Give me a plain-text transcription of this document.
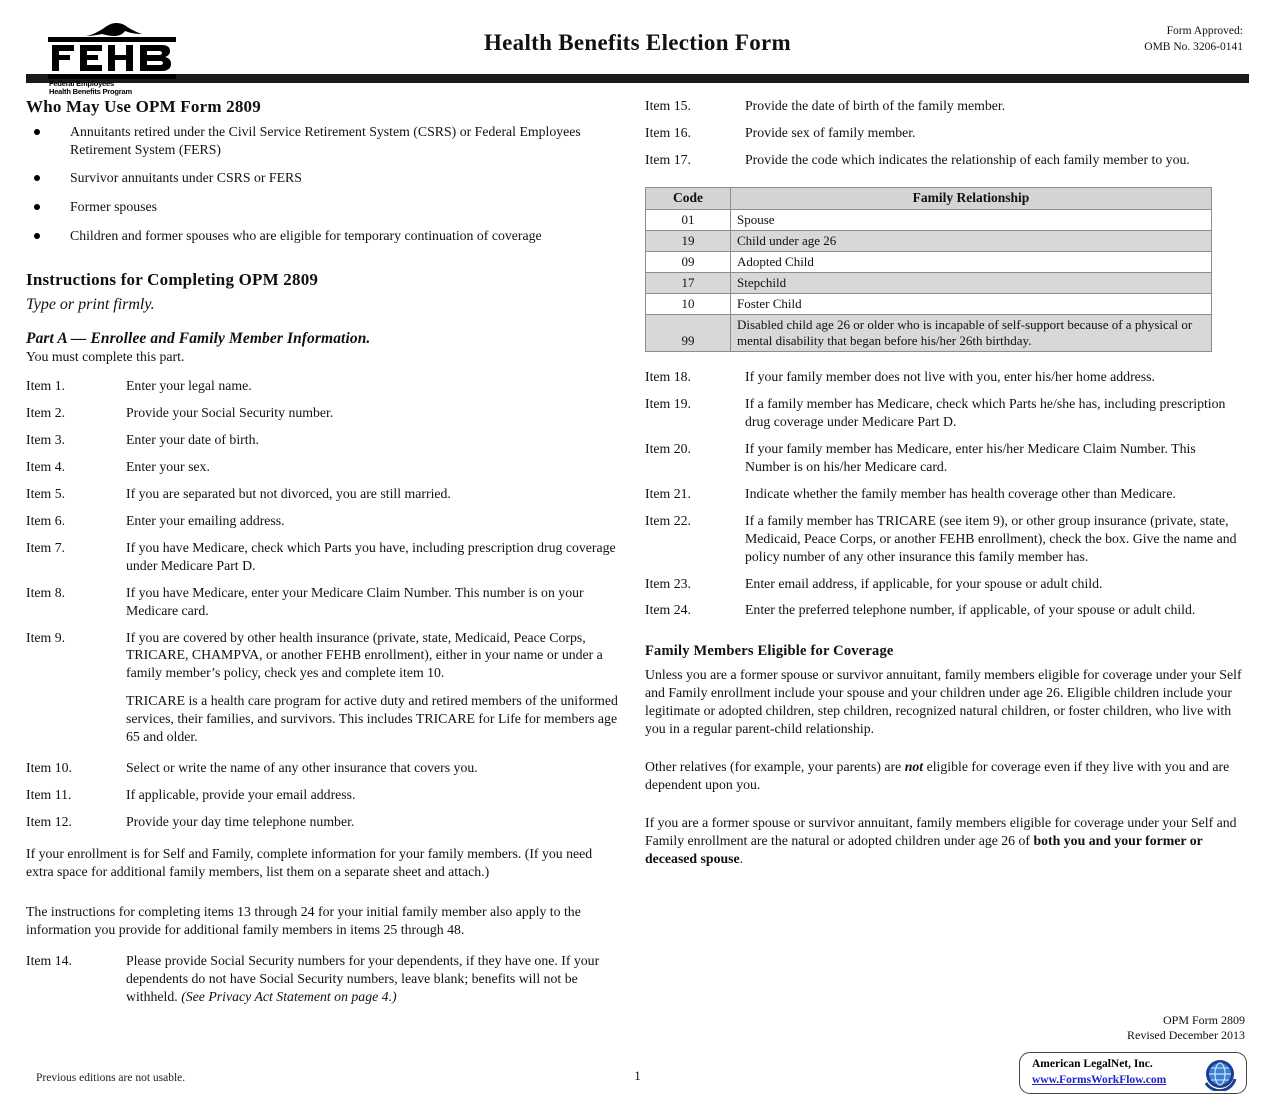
Federal Employees
Health Benefits Program
Health Benefits Election Form	Form Approved:
OMB No. 3206-0141
Who May Use OPM Form 2809
Annuitants retired under the Civil Service Retirement System (CSRS) or Federal Employees Retirement System (FERS)
Survivor annuitants under CSRS or FERS
Former spouses
Children and former spouses who are eligible for temporary continuation of coverage
Instructions for Completing OPM 2809
Type or print firmly.
Part A — Enrollee and Family Member Information.
You must complete this part.
Item 1.	Enter your legal name.
Item 2.	Provide your Social Security number.
Item 3.	Enter your date of birth.
Item 4.	Enter your sex.
Item 5.	If you are separated but not divorced, you are still married.
Item 6.	Enter your emailing address.
Item 7.	If you have Medicare, check which Parts you have, including prescription drug coverage under Medicare Part D.
Item 8.	If you have Medicare, enter your Medicare Claim Number. This number is on your Medicare card.
Item 9.	If you are covered by other health insurance (private, state, Medicaid, Peace Corps, TRICARE, CHAMPVA, or another FEHB enrollment), either in your name or under a family member’s policy, check yes and complete item 10.
TRICARE is a health care program for active duty and retired members of the uniformed services, their families, and survivors. This includes TRICARE for Life for members age 65 and older.
Item 10.	Select or write the name of any other insurance that covers you.
Item 11.	If applicable, provide your email address.
Item 12.	Provide your day time telephone number.
If your enrollment is for Self and Family, complete information for your family members. (If you need extra space for additional family members, list them on a separate sheet and attach.)
The instructions for completing items 13 through 24 for your initial family member also apply to the information you provide for additional family members in items 25 through 48.
Item 14.	Please provide Social Security numbers for your dependents, if they have one. If your dependents do not have Social Security numbers, leave blank; benefits will not be withheld. (See Privacy Act Statement on page 4.)
Item 15.	Provide the date of birth of the family member.
Item 16.	Provide sex of family member.
Item 17.	Provide the code which indicates the relationship of each family member to you.
Code	Family Relationship
01	Spouse
19	Child under age 26
09	Adopted Child
17	Stepchild
10	Foster Child
99	Disabled child age 26 or older who is incapable of self-support because of a physical or mental disability that began before his/her 26th birthday.
Item 18.	If your family member does not live with you, enter his/her home address.
Item 19.	If a family member has Medicare, check which Parts he/she has, including prescription drug coverage under Medicare Part D.
Item 20.	If your family member has Medicare, enter his/her Medicare Claim Number. This Number is on his/her Medicare card.
Item 21.	Indicate whether the family member has health coverage other than Medicare.
Item 22.	If a family member has TRICARE (see item 9), or other group insurance (private, state, Medicaid, Peace Corps, or another FEHB enrollment), check the box. Give the name and policy number of any other insurance this family member has.
Item 23.	Enter email address, if applicable, for your spouse or adult child.
Item 24.	Enter the preferred telephone number, if applicable, of your spouse or adult child.
Family Members Eligible for Coverage
Unless you are a former spouse or survivor annuitant, family members eligible for coverage under your Self and Family enrollment include your spouse and your children under age 26. Eligible children include your legitimate or adopted children, step children, recognized natural children, or foster children, who live with you in a regular parent-child relationship.
Other relatives (for example, your parents) are not eligible for coverage even if they live with you and are dependent upon you.
If you are a former spouse or survivor annuitant, family members eligible for coverage under your Self and Family enrollment are the natural or adopted children under age 26 of both you and your former or deceased spouse.
Previous editions are not usable.	1
OPM Form 2809
Revised December 2013
American LegalNet, Inc.
www.FormsWorkFlow.com
